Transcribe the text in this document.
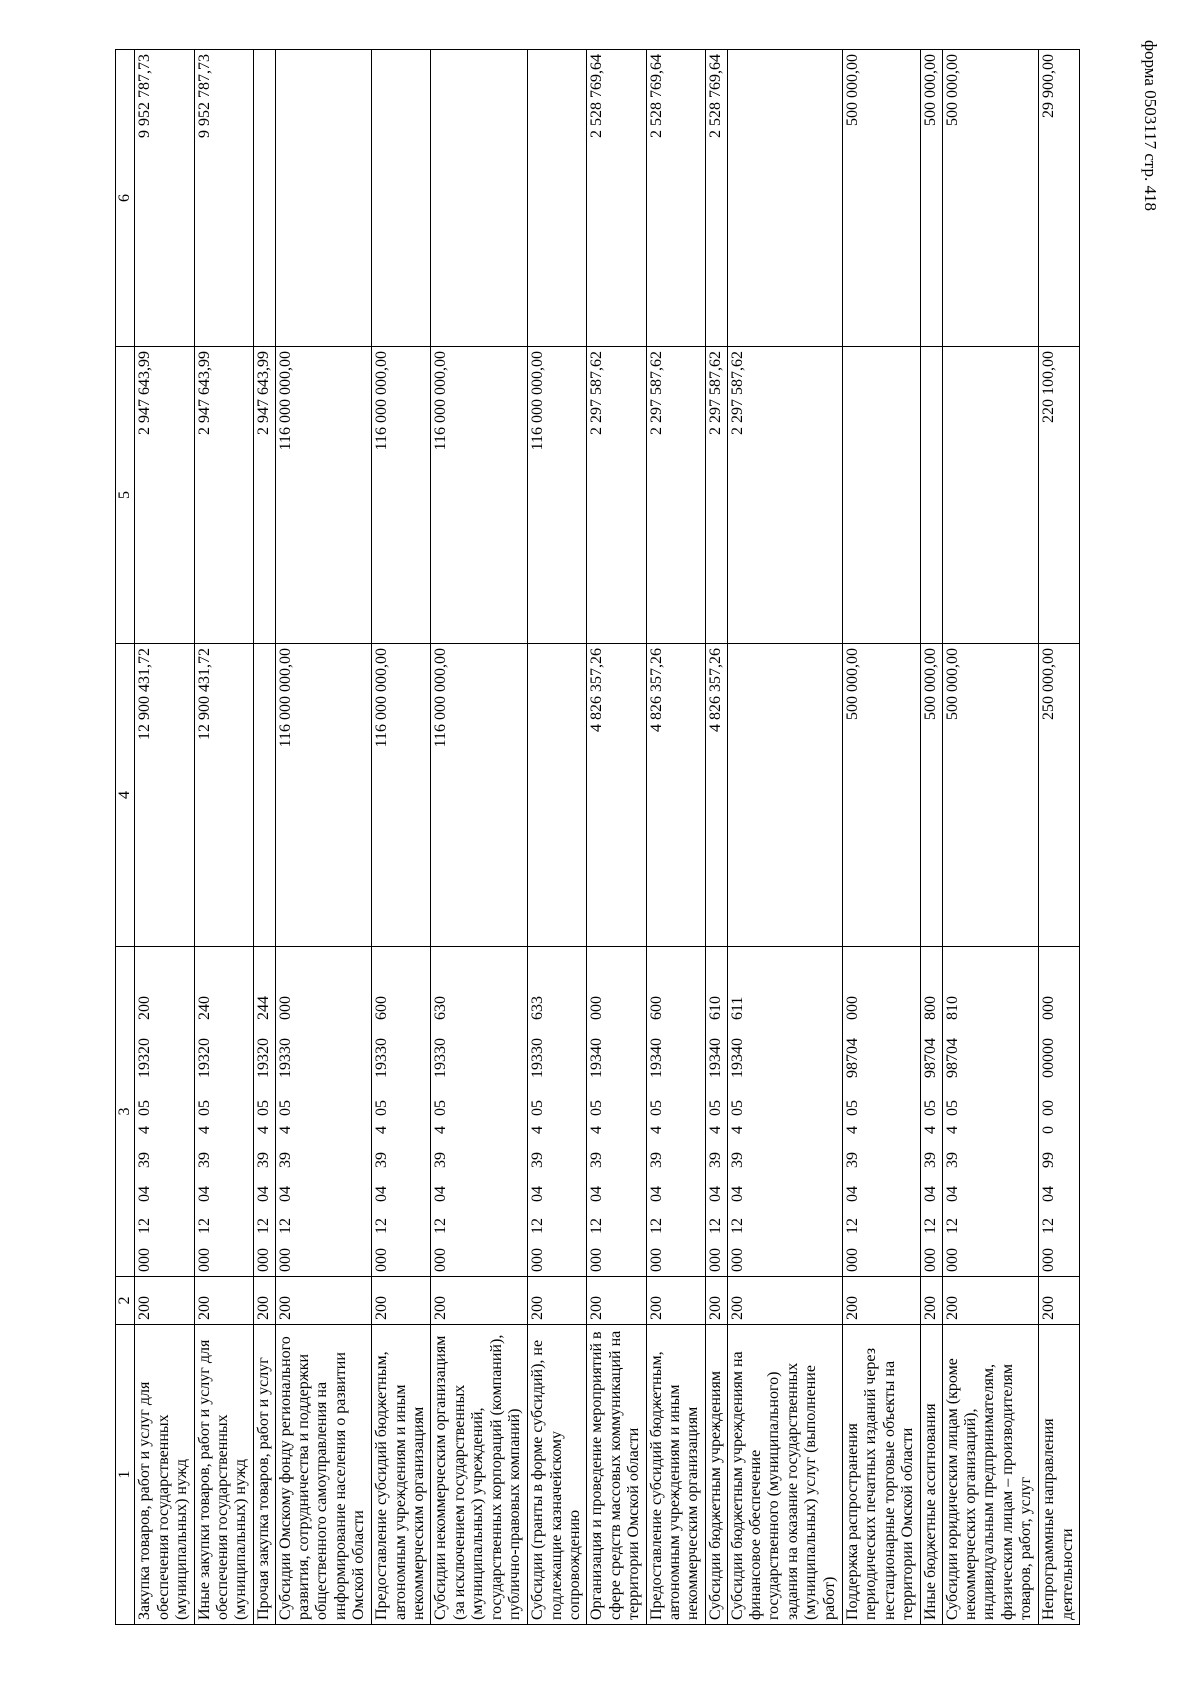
форма 0503117 стр. 418
1	2	3	4	5	6
Закупка товаров, работ и услуг для обеспечения государственных (муниципальных) нужд	200	00012043940519320200	12 900 431,72	2 947 643,99	9 952 787,73
Иные закупки товаров, работ и услуг для обеспечения государственных (муниципальных) нужд	200	00012043940519320240	12 900 431,72	2 947 643,99	9 952 787,73
Прочая закупка товаров, работ и услуг	200	00012043940519320244		2 947 643,99	
Субсидии Омскому фонду регионального развития, сотрудничества и поддержки общественного самоуправления на информирование населения о развитии Омской области	200	00012043940519330000	116 000 000,00	116 000 000,00	
Предоставление субсидий бюджетным, автономным учреждениям и иным некоммерческим организациям	200	00012043940519330600	116 000 000,00	116 000 000,00	
Субсидии некоммерческим организациям (за исключением государственных (муниципальных) учреждений, государственных корпораций (компаний), публично-правовых компаний)	200	00012043940519330630	116 000 000,00	116 000 000,00	
Субсидии (гранты в форме субсидий), не подлежащие казначейскому сопровождению	200	00012043940519330633		116 000 000,00	
Организация и проведение мероприятий в сфере средств массовых коммуникаций на территории Омской области	200	00012043940519340000	4 826 357,26	2 297 587,62	2 528 769,64
Предоставление субсидий бюджетным, автономным учреждениям и иным некоммерческим организациям	200	00012043940519340600	4 826 357,26	2 297 587,62	2 528 769,64
Субсидии бюджетным учреждениям	200	00012043940519340610	4 826 357,26	2 297 587,62	2 528 769,64
Субсидии бюджетным учреждениям на финансовое обеспечение государственного (муниципального) задания на оказание государственных (муниципальных) услуг (выполнение работ)	200	00012043940519340611		2 297 587,62	
Поддержка распространения периодических печатных изданий через нестационарные торговые объекты на территории Омской области	200	00012043940598704000	500 000,00		500 000,00
Иные бюджетные ассигнования	200	00012043940598704800	500 000,00		500 000,00
Субсидии юридическим лицам (кроме некоммерческих организаций), индивидуальным предпринимателям, физическим лицам – производителям товаров, работ, услуг	200	00012043940598704810	500 000,00		500 000,00
Непрограммные направления деятельности	200	00012049900000000000	250 000,00	220 100,00	29 900,00
